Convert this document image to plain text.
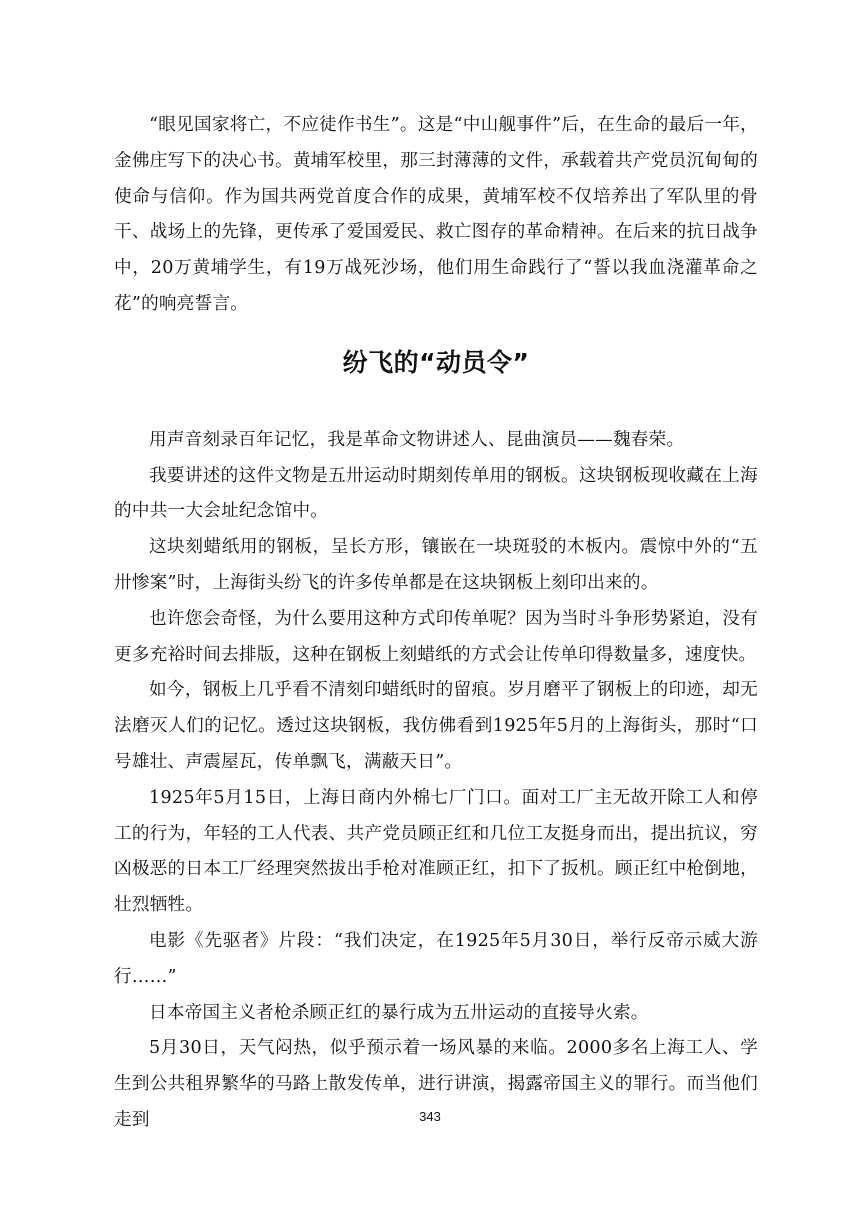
“眼见国家将亡，不应徒作书生”。这是“中山舰事件”后，在生命的最后一年，金佛庄写下的决心书。黄埔军校里，那三封薄薄的文件，承载着共产党员沉甸甸的使命与信仰。作为国共两党首度合作的成果，黄埔军校不仅培养出了军队里的骨干、战场上的先锋，更传承了爱国爱民、救亡图存的革命精神。在后来的抗日战争中，20万黄埔学生，有19万战死沙场，他们用生命践行了“誓以我血浇灌革命之花”的响亮誓言。

纷飞的“动员令”

用声音刻录百年记忆，我是革命文物讲述人、昆曲演员——魏春荣。

我要讲述的这件文物是五卅运动时期刻传单用的钢板。这块钢板现收藏在上海的中共一大会址纪念馆中。

这块刻蜡纸用的钢板，呈长方形，镶嵌在一块斑驳的木板内。震惊中外的“五卅惨案”时，上海街头纷飞的许多传单都是在这块钢板上刻印出来的。

也许您会奇怪，为什么要用这种方式印传单呢？因为当时斗争形势紧迫，没有更多充裕时间去排版，这种在钢板上刻蜡纸的方式会让传单印得数量多，速度快。

如今，钢板上几乎看不清刻印蜡纸时的留痕。岁月磨平了钢板上的印迹，却无法磨灭人们的记忆。透过这块钢板，我仿佛看到1925年5月的上海街头，那时“口号雄壮、声震屋瓦，传单飘飞，满蔽天日”。

1925年5月15日，上海日商内外棉七厂门口。面对工厂主无故开除工人和停工的行为，年轻的工人代表、共产党员顾正红和几位工友挺身而出，提出抗议，穷凶极恶的日本工厂经理突然拔出手枪对准顾正红，扣下了扳机。顾正红中枪倒地，壮烈牺牲。

电影《先驱者》片段：“我们决定，在1925年5月30日，举行反帝示威大游行……”

日本帝国主义者枪杀顾正红的暴行成为五卅运动的直接导火索。

5月30日，天气闷热，似乎预示着一场风暴的来临。2000多名上海工人、学生到公共租界繁华的马路上散发传单，进行讲演，揭露帝国主义的罪行。而当他们走到	343
